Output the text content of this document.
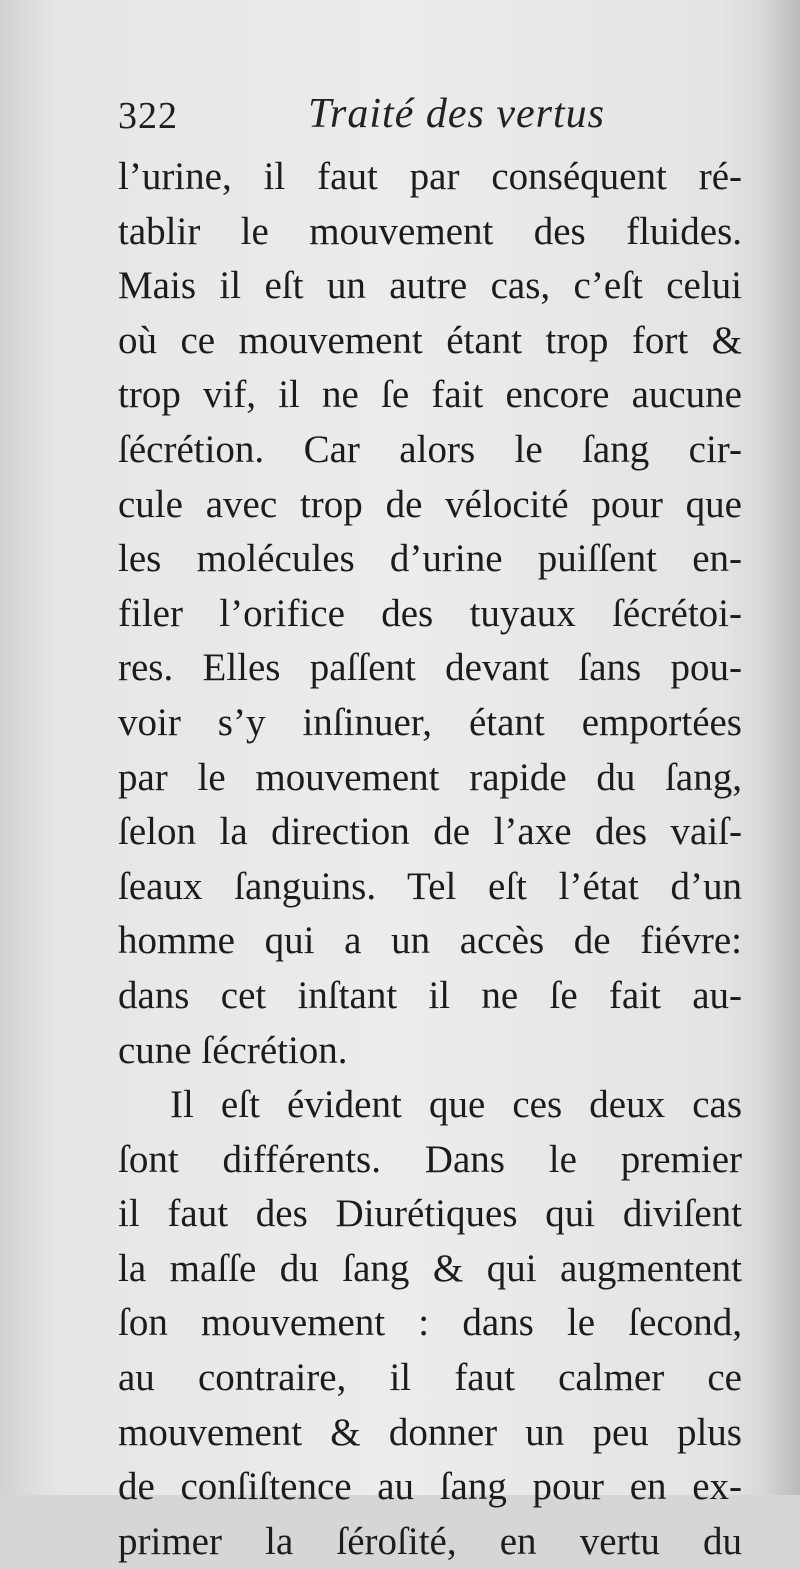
322	Traité des vertus
l’urine, il faut par conséquent ré-
tablir le mouvement des fluides.
Mais il eſt un autre cas, c’eſt celui
où ce mouvement étant trop fort &
trop vif, il ne ſe fait encore aucune
ſécrétion. Car alors le ſang cir-
cule avec trop de vélocité pour que
les molécules d’urine puiſſent en-
filer l’orifice des tuyaux ſécrétoi-
res. Elles paſſent devant ſans pou-
voir s’y inſinuer, étant emportées
par le mouvement rapide du ſang,
ſelon la direction de l’axe des vaiſ-
ſeaux ſanguins. Tel eſt l’état d’un
homme qui a un accès de fiévre:
dans cet inſtant il ne ſe fait au-
cune ſécrétion.
Il eſt évident que ces deux cas
ſont différents. Dans le premier
il faut des Diurétiques qui diviſent
la maſſe du ſang & qui augmentent
ſon mouvement : dans le ſecond,
au contraire, il faut calmer ce
mouvement & donner un peu plus
de conſiſtence au ſang pour en ex-
primer la ſéroſité, en vertu du
